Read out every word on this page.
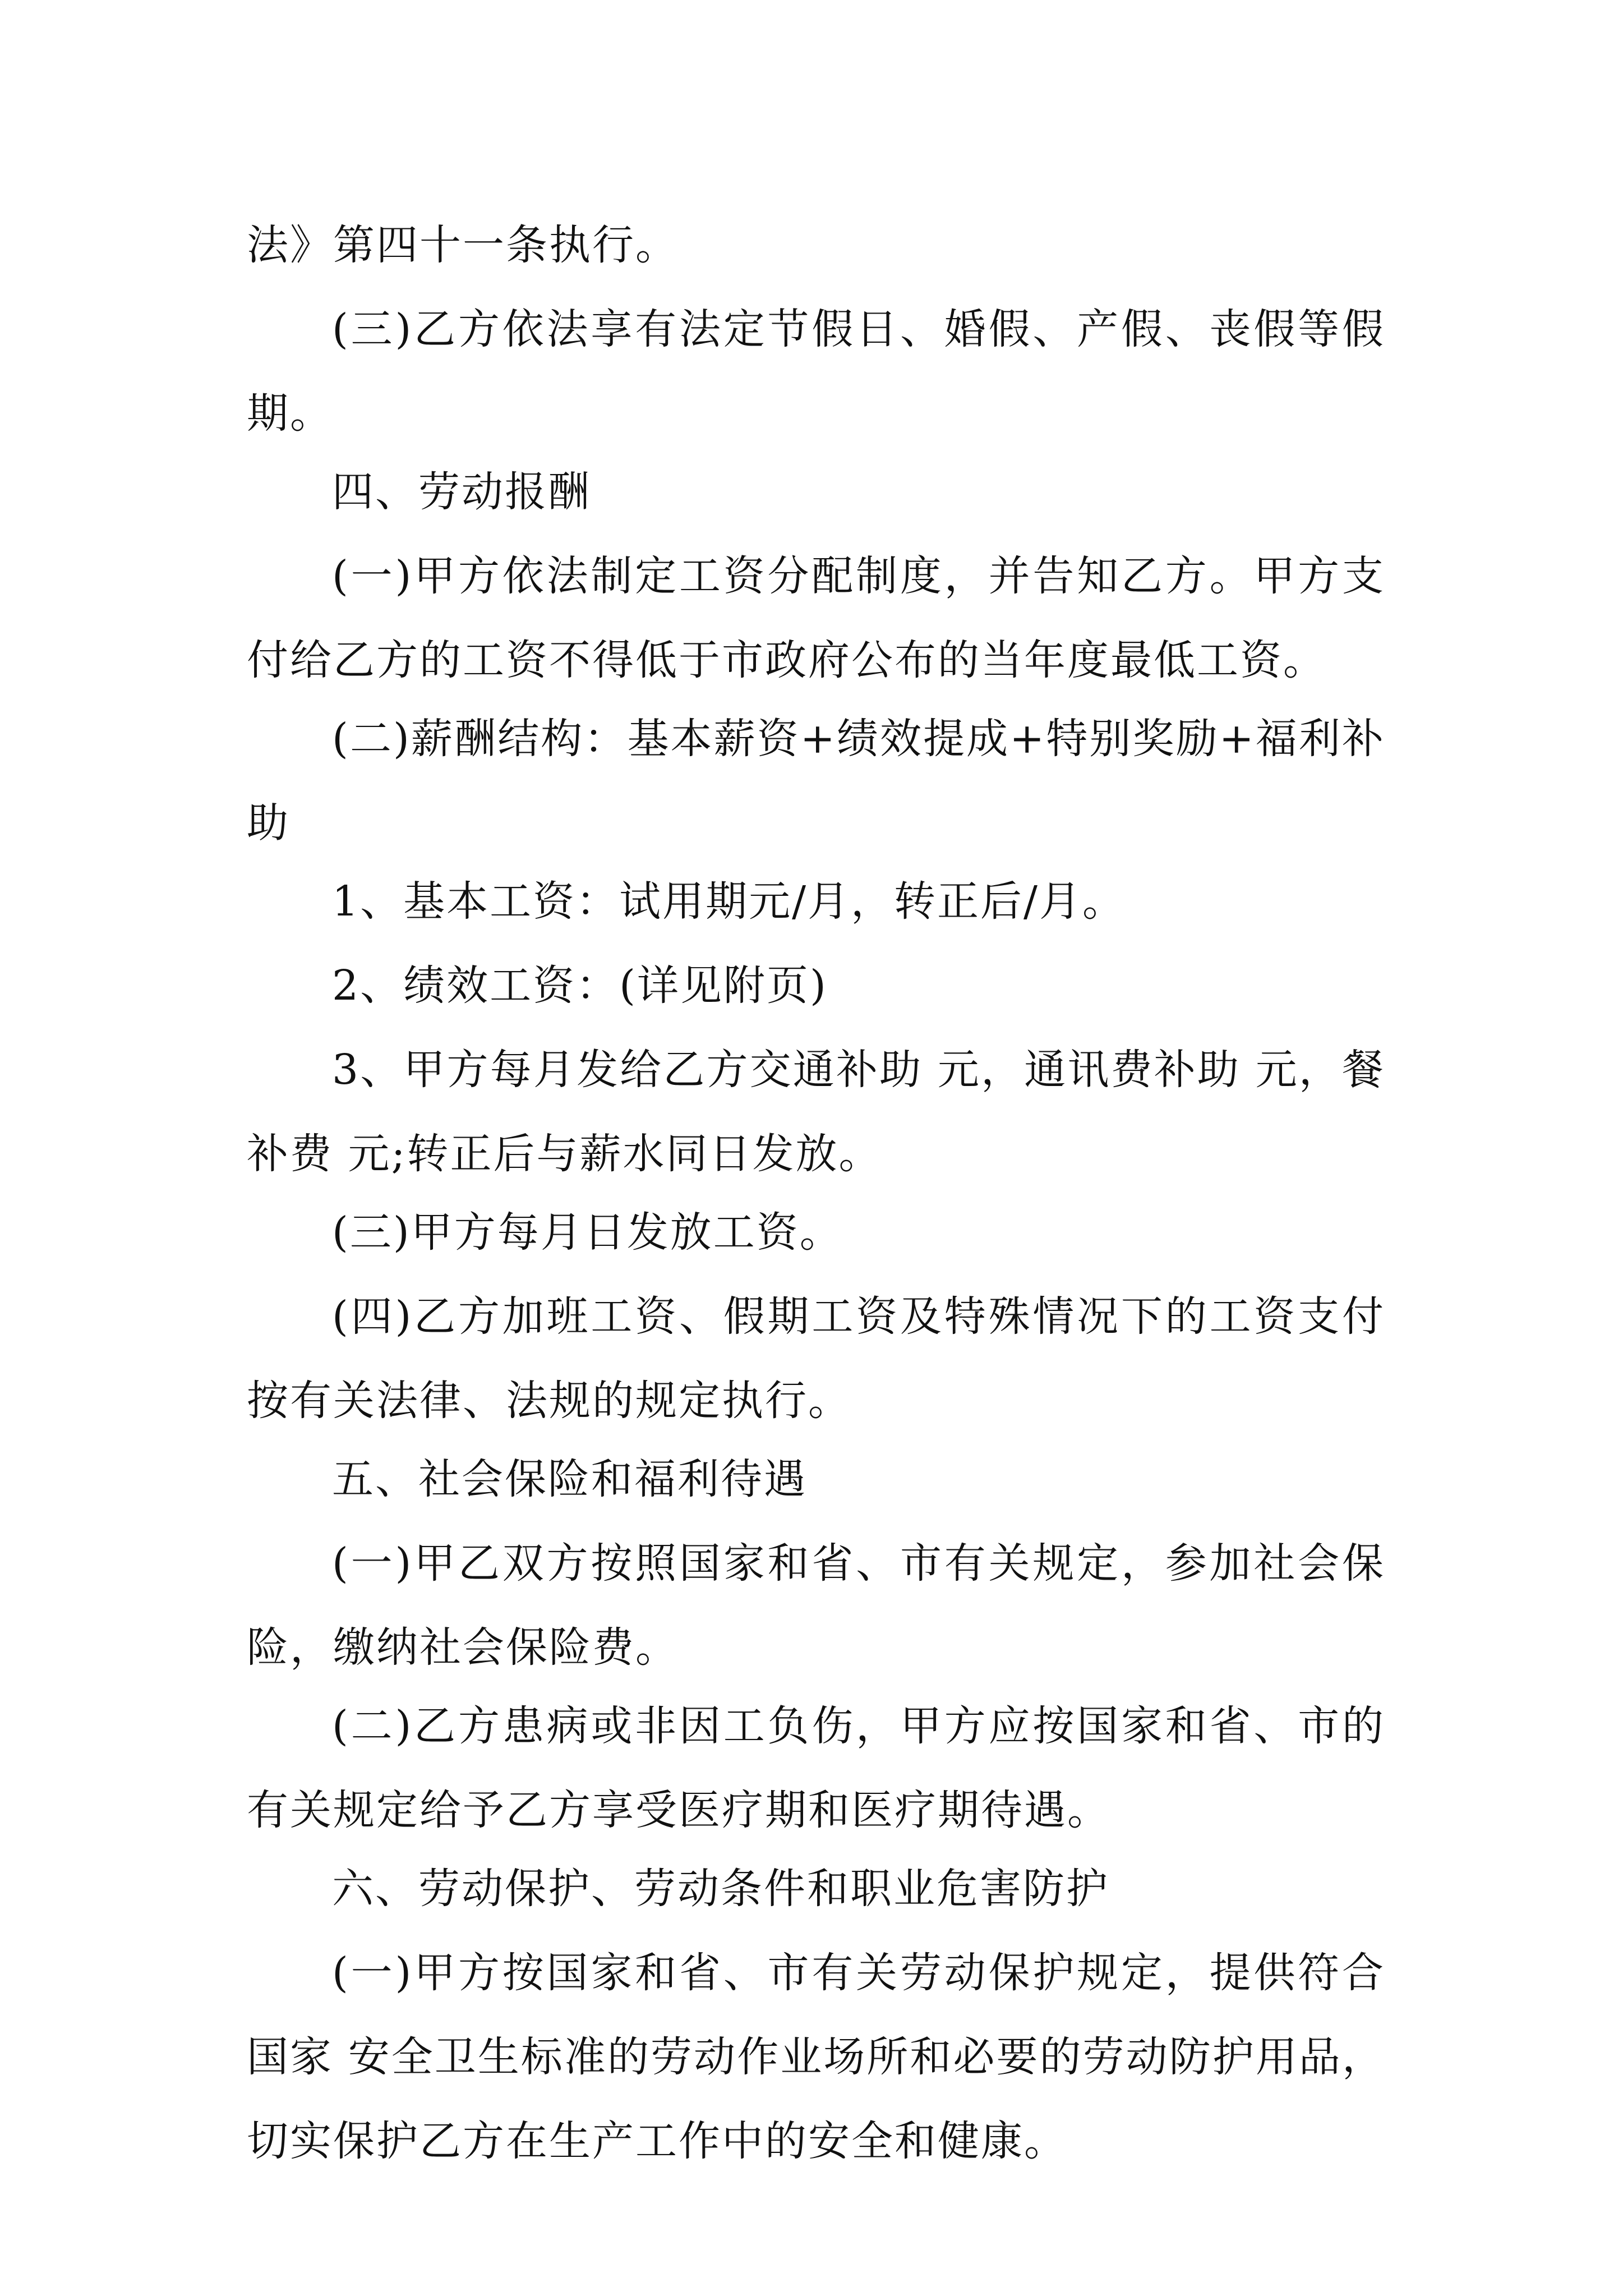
法》第四十一条执行。

(三)乙方依法享有法定节假日、婚假、产假、丧假等假期。

四、劳动报酬

(一)甲方依法制定工资分配制度，并告知乙方。甲方支付给乙方的工资不得低于市政府公布的当年度最低工资。

(二)薪酬结构：基本薪资+绩效提成+特别奖励+福利补助

1、基本工资：试用期元/月，转正后/月。

2、绩效工资：(详见附页)

3、甲方每月发给乙方交通补助 元，通讯费补助 元，餐补费 元;转正后与薪水同日发放。

(三)甲方每月日发放工资。

(四)乙方加班工资、假期工资及特殊情况下的工资支付按有关法律、法规的规定执行。

五、社会保险和福利待遇

(一)甲乙双方按照国家和省、市有关规定，参加社会保险，缴纳社会保险费。

(二)乙方患病或非因工负伤，甲方应按国家和省、市的有关规定给予乙方享受医疗期和医疗期待遇。

六、劳动保护、劳动条件和职业危害防护

(一)甲方按国家和省、市有关劳动保护规定，提供符合国家 安全卫生标准的劳动作业场所和必要的劳动防护用品，切实保护乙方在生产工作中的安全和健康。
